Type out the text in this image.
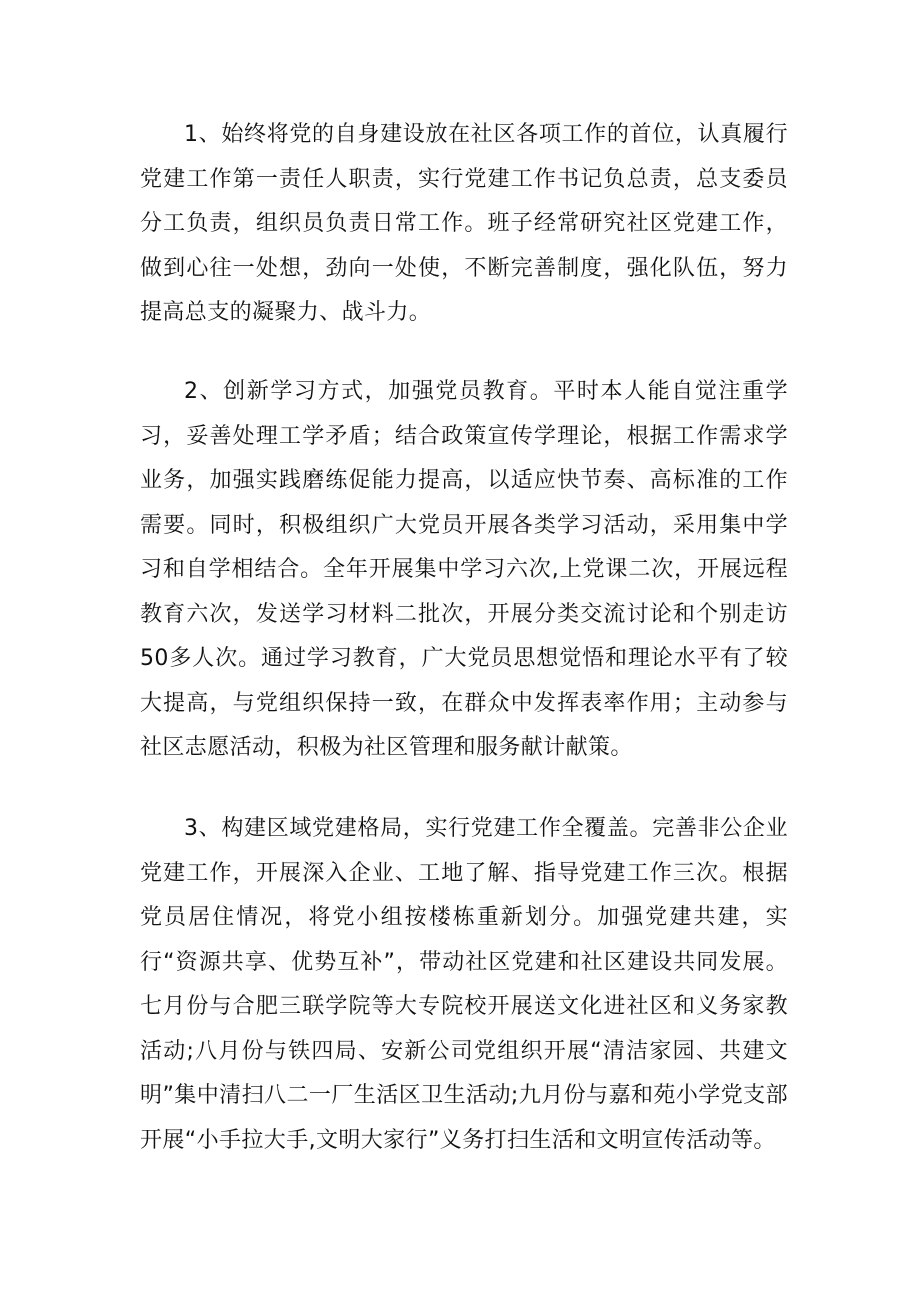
1、始终将党的自身建设放在社区各项工作的首位，认真履行党建工作第一责任人职责，实行党建工作书记负总责，总支委员分工负责，组织员负责日常工作。班子经常研究社区党建工作，做到心往一处想，劲向一处使，不断完善制度，强化队伍，努力提高总支的凝聚力、战斗力。

2、创新学习方式，加强党员教育。平时本人能自觉注重学习，妥善处理工学矛盾；结合政策宣传学理论，根据工作需求学业务，加强实践磨练促能力提高，以适应快节奏、高标准的工作需要。同时，积极组织广大党员开展各类学习活动，采用集中学习和自学相结合。全年开展集中学习六次,上党课二次，开展远程教育六次，发送学习材料二批次，开展分类交流讨论和个别走访50多人次。通过学习教育，广大党员思想觉悟和理论水平有了较大提高，与党组织保持一致，在群众中发挥表率作用；主动参与社区志愿活动，积极为社区管理和服务献计献策。

3、构建区域党建格局，实行党建工作全覆盖。完善非公企业党建工作，开展深入企业、工地了解、指导党建工作三次。根据党员居住情况，将党小组按楼栋重新划分。加强党建共建，实行“资源共享、优势互补”，带动社区党建和社区建设共同发展。七月份与合肥三联学院等大专院校开展送文化进社区和义务家教活动;八月份与铁四局、安新公司党组织开展“清洁家园、共建文明”集中清扫八二一厂生活区卫生活动;九月份与嘉和苑小学党支部开展“小手拉大手,文明大家行”义务打扫生活和文明宣传活动等。
